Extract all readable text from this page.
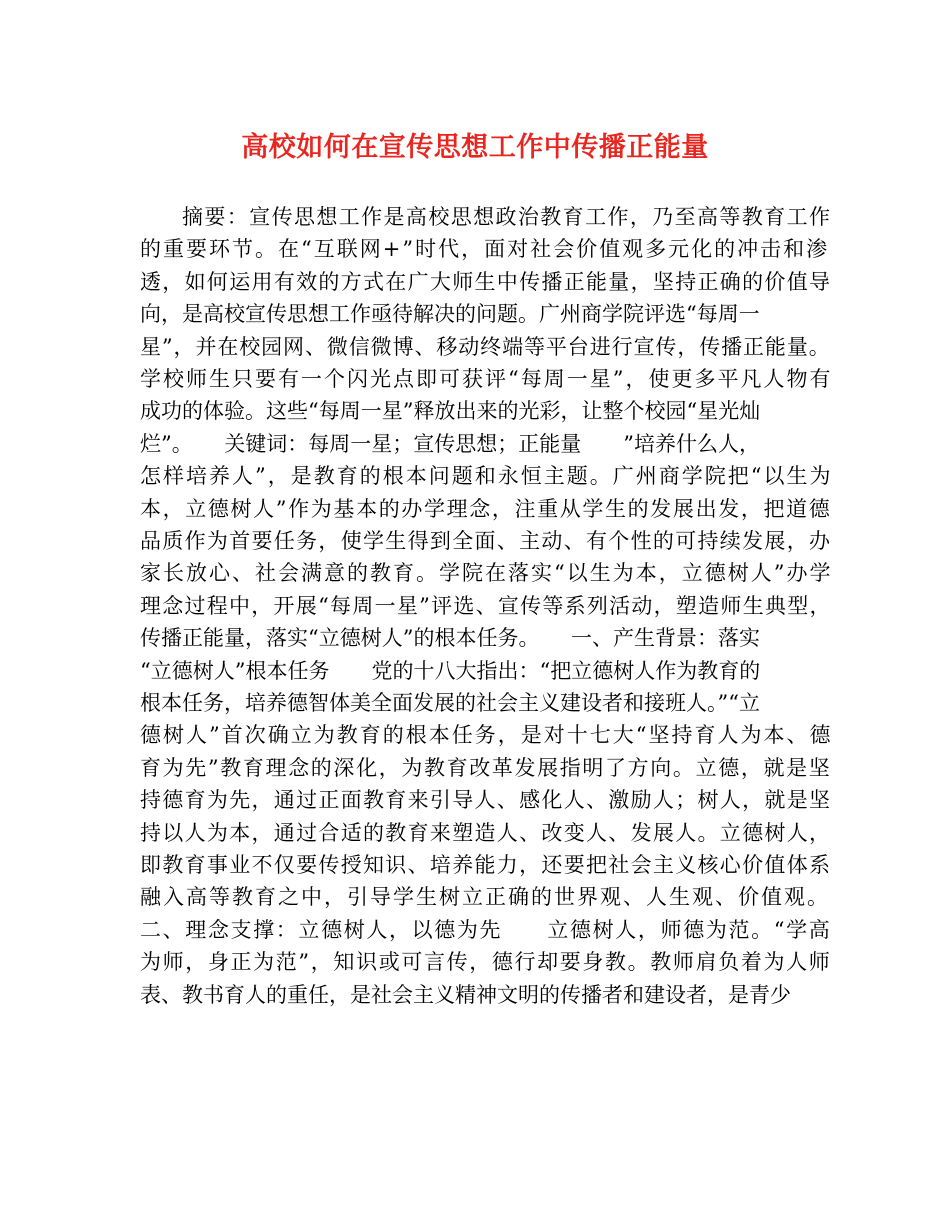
高校如何在宣传思想工作中传播正能量
摘要：宣传思想工作是高校思想政治教育工作，乃至高等教育工作
的重要环节。在“互联网+”时代，面对社会价值观多元化的冲击和渗
透，如何运用有效的方式在广大师生中传播正能量，坚持正确的价值导
向，是高校宣传思想工作亟待解决的问题。广州商学院评选“每周一
星”，并在校园网、微信微博、移动终端等平台进行宣传，传播正能量。
学校师生只要有一个闪光点即可获评“每周一星”，使更多平凡人物有
成功的体验。这些“每周一星”释放出来的光彩，让整个校园“星光灿
烂”。　　关键词：每周一星；宣传思想；正能量　　”培养什么人，
怎样培养人”，是教育的根本问题和永恒主题。广州商学院把“以生为
本，立德树人”作为基本的办学理念，注重从学生的发展出发，把道德
品质作为首要任务，使学生得到全面、主动、有个性的可持续发展，办
家长放心、社会满意的教育。学院在落实“以生为本，立德树人”办学
理念过程中，开展“每周一星”评选、宣传等系列活动，塑造师生典型，
传播正能量，落实“立德树人”的根本任务。　　一、产生背景：落实
“立德树人”根本任务　　党的十八大指出：“把立德树人作为教育的
根本任务，培养德智体美全面发展的社会主义建设者和接班人。”“立
德树人”首次确立为教育的根本任务，是对十七大“坚持育人为本、德
育为先”教育理念的深化，为教育改革发展指明了方向。立德，就是坚
持德育为先，通过正面教育来引导人、感化人、激励人；树人，就是坚
持以人为本，通过合适的教育来塑造人、改变人、发展人。立德树人，
即教育事业不仅要传授知识、培养能力，还要把社会主义核心价值体系
融入高等教育之中，引导学生树立正确的世界观、人生观、价值观。
二、理念支撑：立德树人，以德为先　　立德树人，师德为范。“学高
为师，身正为范”，知识或可言传，德行却要身教。教师肩负着为人师
表、教书育人的重任，是社会主义精神文明的传播者和建设者，是青少
